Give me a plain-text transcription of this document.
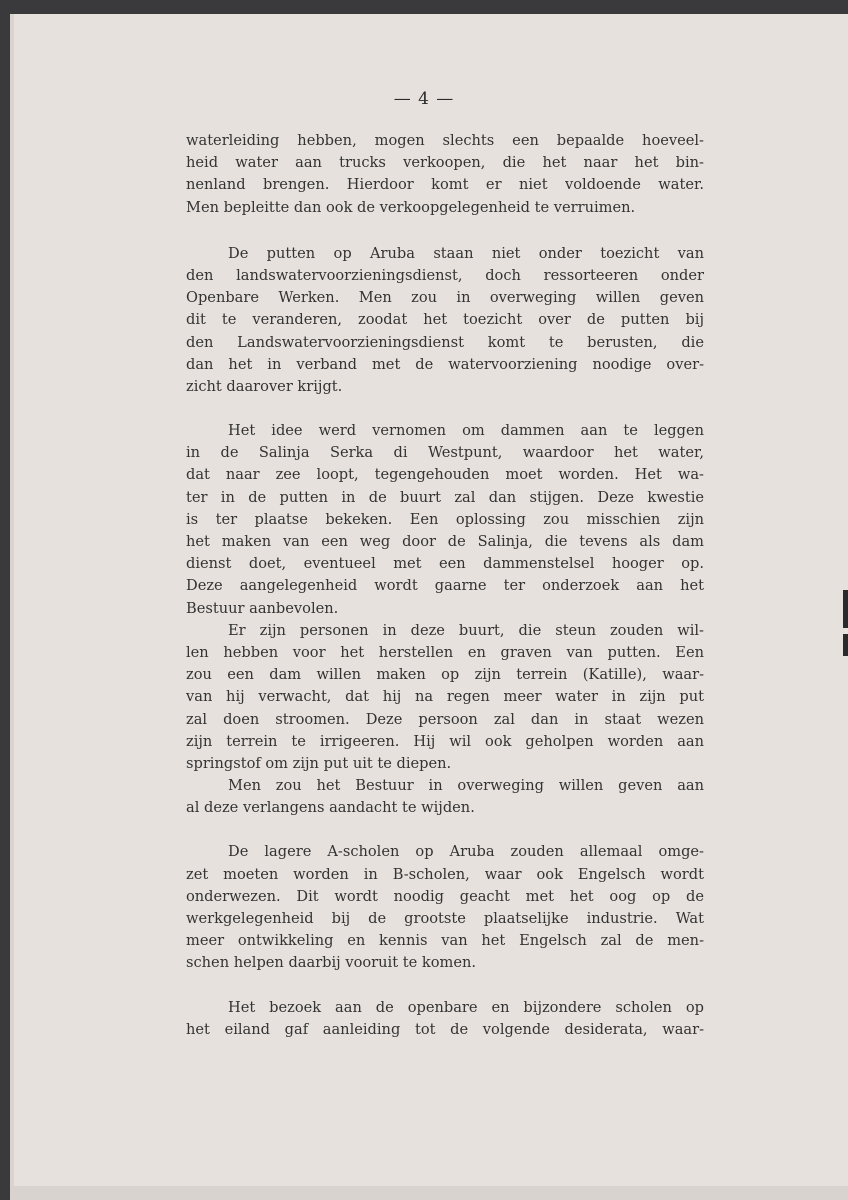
— 4 —
waterleiding hebben, mogen slechts een bepaalde hoeveel-
heid water aan trucks verkoopen, die het naar het bin-
nenland brengen. Hierdoor komt er niet voldoende water.
Men bepleitte dan ook de verkoopgelegenheid te verruimen.
De putten op Aruba staan niet onder toezicht van
den landswatervoorzieningsdienst, doch ressorteeren onder
Openbare Werken. Men zou in overweging willen geven
dit te veranderen, zoodat het toezicht over de putten bij
den Landswatervoorzieningsdienst komt te berusten, die
dan het in verband met de watervoorziening noodige over-
zicht daarover krijgt.
Het idee werd vernomen om dammen aan te leggen
in de Salinja Serka di Westpunt, waardoor het water,
dat naar zee loopt, tegengehouden moet worden. Het wa-
ter in de putten in de buurt zal dan stijgen. Deze kwestie
is ter plaatse bekeken. Een oplossing zou misschien zijn
het maken van een weg door de Salinja, die tevens als dam
dienst doet, eventueel met een dammenstelsel hooger op.
Deze aangelegenheid wordt gaarne ter onderzoek aan het
Bestuur aanbevolen.
Er zijn personen in deze buurt, die steun zouden wil-
len hebben voor het herstellen en graven van putten. Een
zou een dam willen maken op zijn terrein (Katille), waar-
van hij verwacht, dat hij na regen meer water in zijn put
zal doen stroomen. Deze persoon zal dan in staat wezen
zijn terrein te irrigeeren. Hij wil ook geholpen worden aan
springstof om zijn put uit te diepen.
Men zou het Bestuur in overweging willen geven aan
al deze verlangens aandacht te wijden.
De lagere A-scholen op Aruba zouden allemaal omge-
zet moeten worden in B-scholen, waar ook Engelsch wordt
onderwezen. Dit wordt noodig geacht met het oog op de
werkgelegenheid bij de grootste plaatselijke industrie. Wat
meer ontwikkeling en kennis van het Engelsch zal de men-
schen helpen daarbij vooruit te komen.
Het bezoek aan de openbare en bijzondere scholen op
het eiland gaf aanleiding tot de volgende desiderata, waar-
